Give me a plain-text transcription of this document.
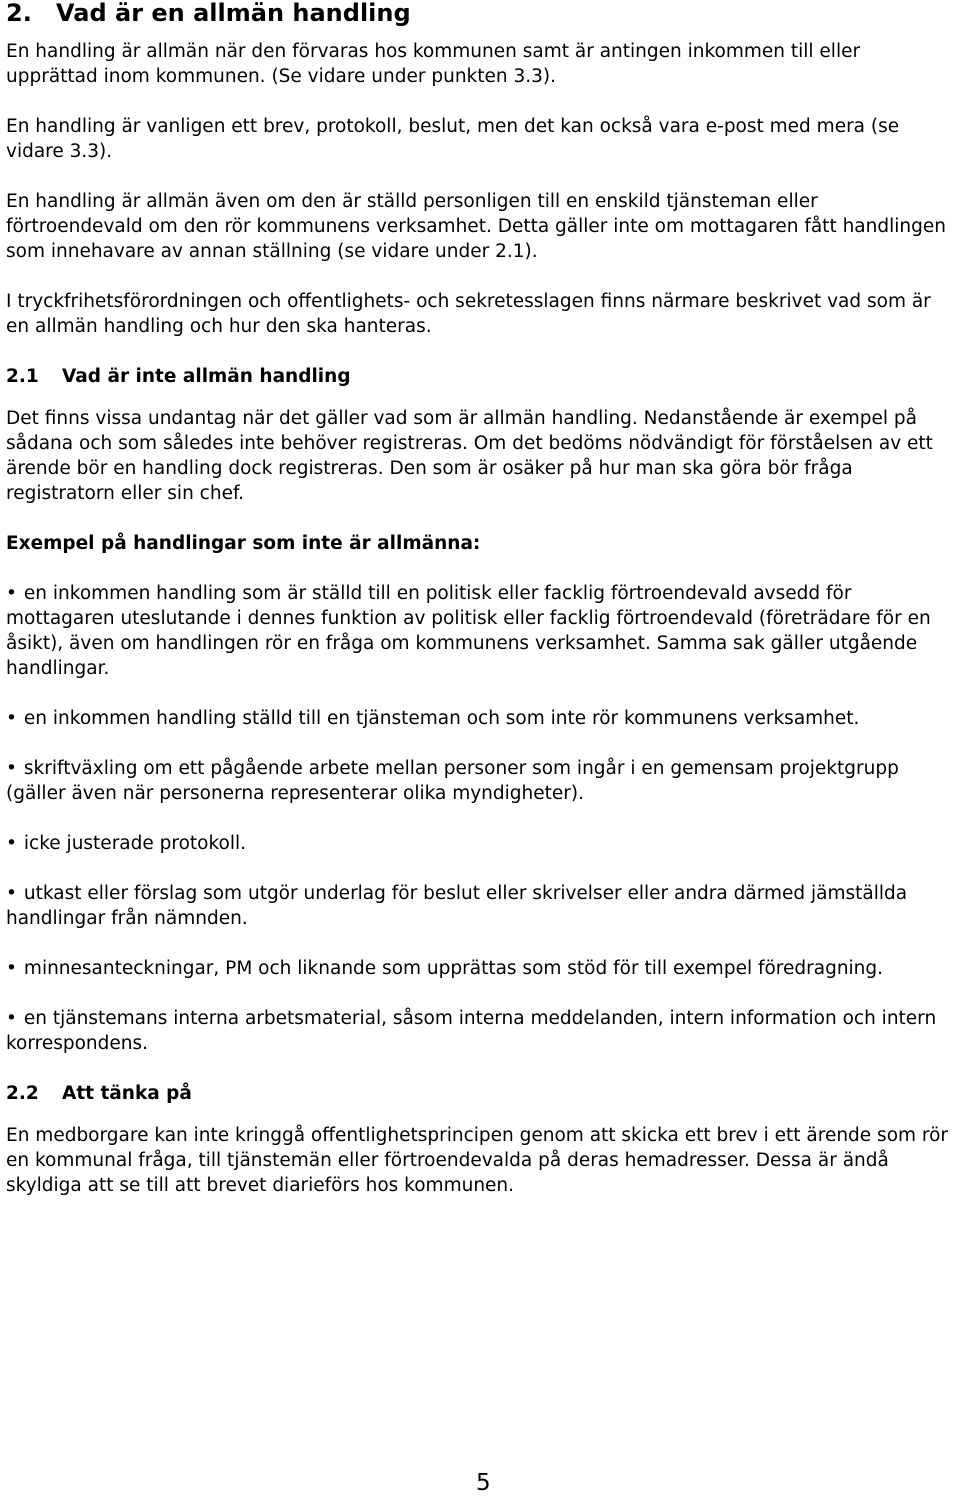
2. Vad är en allmän handling

En handling är allmän när den förvaras hos kommunen samt är antingen inkommen till eller upprättad inom kommunen. (Se vidare under punkten 3.3).

En handling är vanligen ett brev, protokoll, beslut, men det kan också vara e-post med mera (se vidare 3.3).

En handling är allmän även om den är ställd personligen till en enskild tjänsteman eller förtroendevald om den rör kommunens verksamhet. Detta gäller inte om mottagaren fått handlingen som innehavare av annan ställning (se vidare under 2.1).

I tryckfrihetsförordningen och offentlighets- och sekretesslagen finns närmare beskrivet vad som är en allmän handling och hur den ska hanteras.

2.1 Vad är inte allmän handling

Det finns vissa undantag när det gäller vad som är allmän handling. Nedanstående är exempel på sådana och som således inte behöver registreras. Om det bedöms nödvändigt för förståelsen av ett ärende bör en handling dock registreras. Den som är osäker på hur man ska göra bör fråga registratorn eller sin chef.

Exempel på handlingar som inte är allmänna:
• en inkommen handling som är ställd till en politisk eller facklig förtroendevald avsedd för mottagaren uteslutande i dennes funktion av politisk eller facklig förtroendevald (företrädare för en åsikt), även om handlingen rör en fråga om kommunens verksamhet. Samma sak gäller utgående handlingar.
• en inkommen handling ställd till en tjänsteman och som inte rör kommunens verksamhet.
• skriftväxling om ett pågående arbete mellan personer som ingår i en gemensam projektgrupp (gäller även när personerna representerar olika myndigheter).
• icke justerade protokoll.
• utkast eller förslag som utgör underlag för beslut eller skrivelser eller andra därmed jämställda handlingar från nämnden.
• minnesanteckningar, PM och liknande som upprättas som stöd för till exempel föredragning.
• en tjänstemans interna arbetsmaterial, såsom interna meddelanden, intern information och intern korrespondens.
2.2 Att tänka på

En medborgare kan inte kringgå offentlighetsprincipen genom att skicka ett brev i ett ärende som rör en kommunal fråga, till tjänstemän eller förtroendevalda på deras hemadresser. Dessa är ändå skyldiga att se till att brevet diarieförs hos kommunen.

5
